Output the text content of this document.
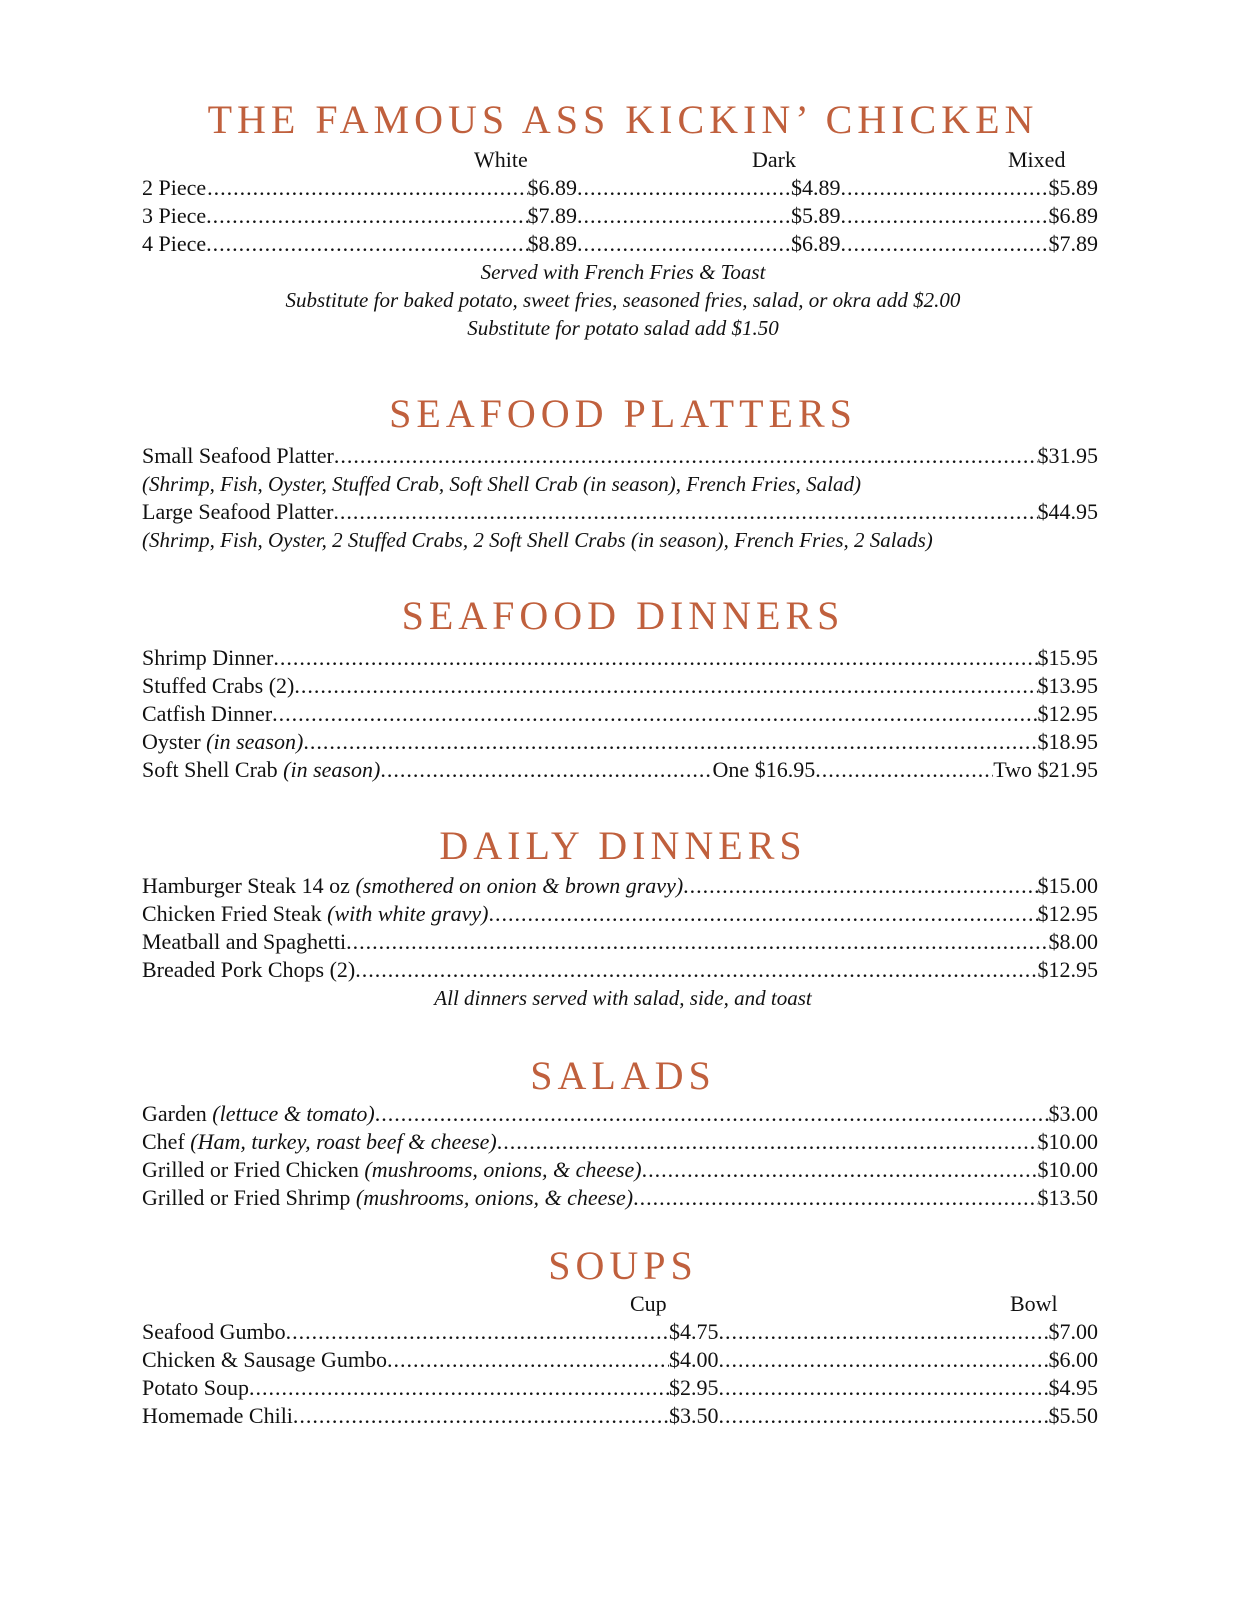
THE FAMOUS ASS KICKIN’ CHICKEN
White	Dark	Mixed
2 Piece .....	$6.89 .....	$4.89 .....	$5.89
3 Piece .....	$7.89 .....	$5.89 .....	$6.89
4 Piece .....	$8.89 .....	$6.89 .....	$7.89
Served with French Fries & Toast
Substitute for baked potato, sweet fries, seasoned fries, salad, or okra add $2.00
Substitute for potato salad add $1.50
SEAFOOD PLATTERS
Small Seafood Platter .....	$31.95
(Shrimp, Fish, Oyster, Stuffed Crab, Soft Shell Crab (in season), French Fries, Salad)
Large Seafood Platter .....	$44.95
(Shrimp, Fish, Oyster, 2 Stuffed Crabs, 2 Soft Shell Crabs (in season), French Fries, 2 Salads)
SEAFOOD DINNERS
Shrimp Dinner .....	$15.95
Stuffed Crabs (2) .....	$13.95
Catfish Dinner .....	$12.95
Oyster (in season) .....	$18.95
Soft Shell Crab (in season) .....	One $16.95 .....	Two $21.95
DAILY DINNERS
Hamburger Steak 14 oz (smothered on onion & brown gravy) .....	$15.00
Chicken Fried Steak (with white gravy) .....	$12.95
Meatball and Spaghetti .....	$8.00
Breaded Pork Chops (2) .....	$12.95
All dinners served with salad, side, and toast
SALADS
Garden (lettuce & tomato) .....	$3.00
Chef (Ham, turkey, roast beef & cheese) .....	$10.00
Grilled or Fried Chicken (mushrooms, onions, & cheese) .....	$10.00
Grilled or Fried Shrimp (mushrooms, onions, & cheese) .....	$13.50
SOUPS
Cup	Bowl
Seafood Gumbo .....	$4.75 .....	$7.00
Chicken & Sausage Gumbo .....	$4.00 .....	$6.00
Potato Soup .....	$2.95 .....	$4.95
Homemade Chili .....	$3.50 .....	$5.50
